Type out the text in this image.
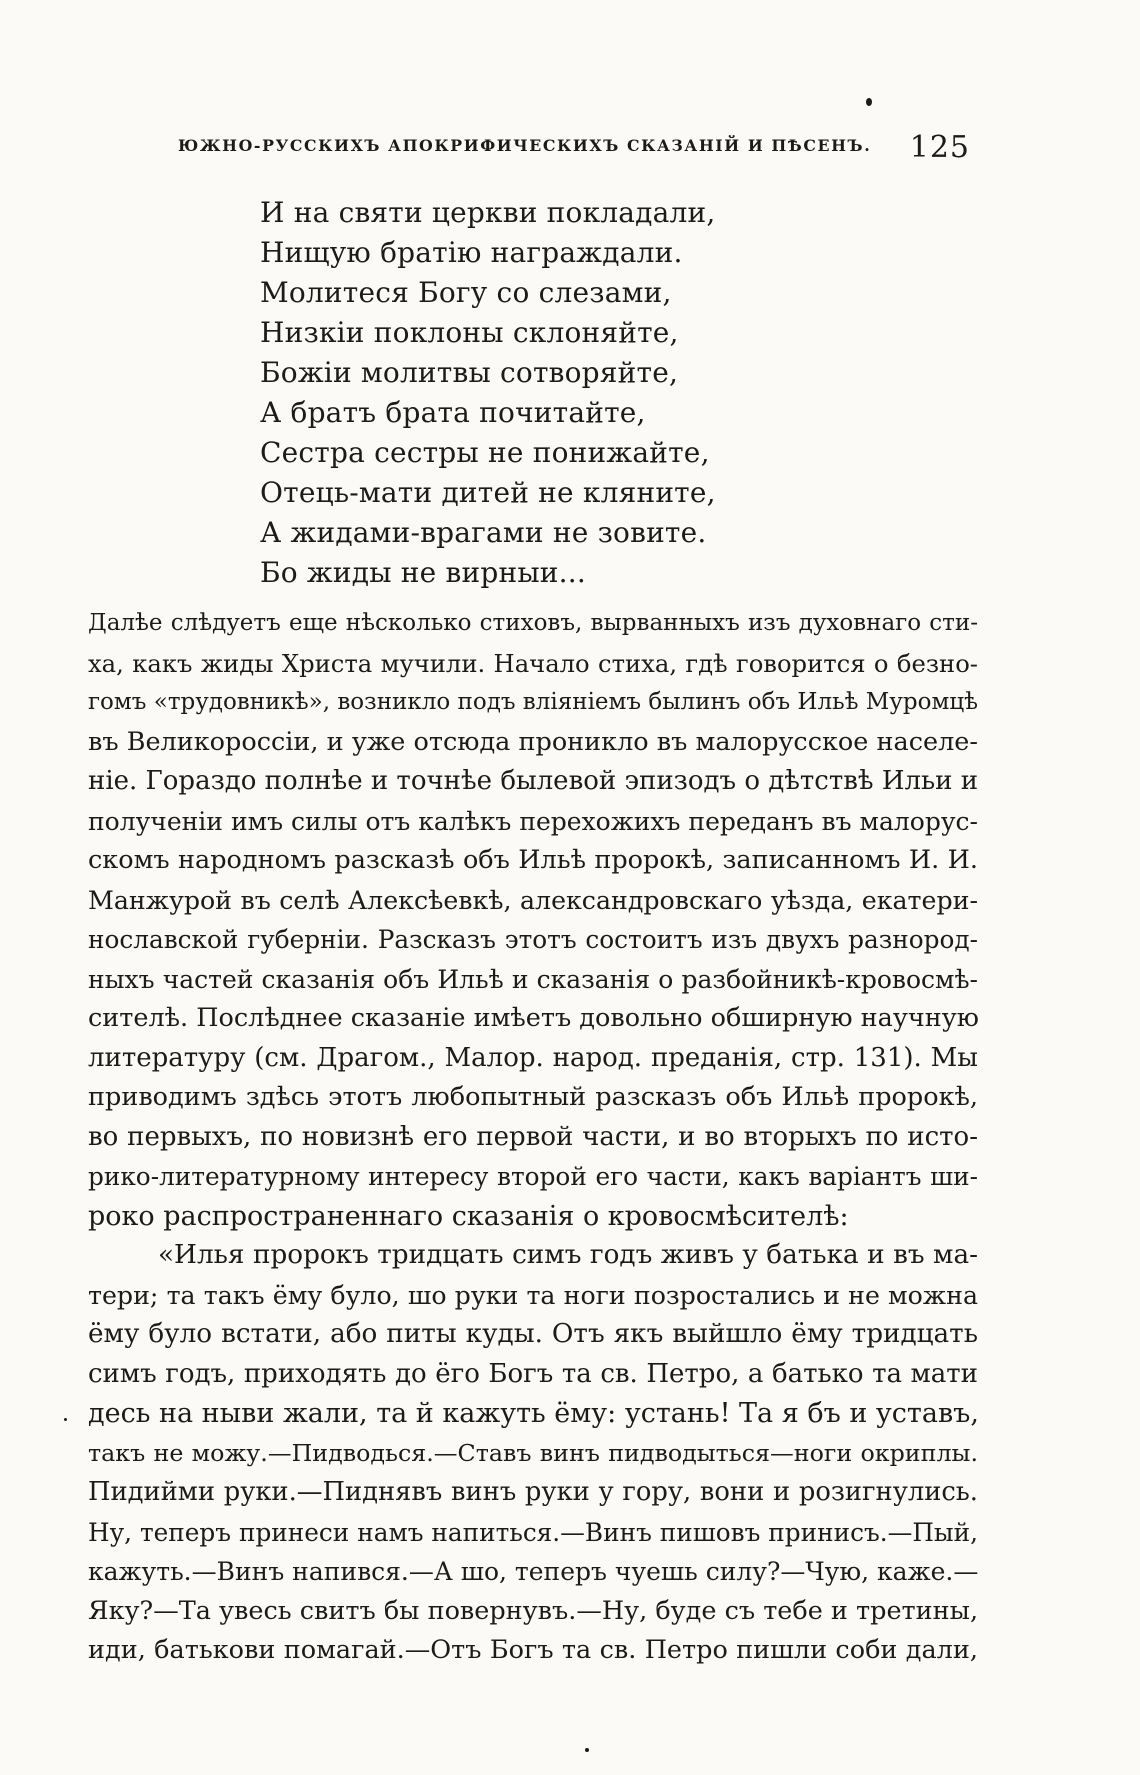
ЮЖНО-РУССКИХЪ АПОКРИФИЧЕСКИХЪ СКАЗАНІЙ И ПѢСЕНЪ. 125
И на святи церкви покладали,
Нищую братію награждали.
Молитеся Богу со слезами,
Низкіи поклоны склоняйте,
Божіи молитвы сотворяйте,
А братъ брата почитайте,
Сестра сестры не понижайте,
Отець-мати дитей не кляните,
А жидами-врагами не зовите.
Бо жиды не вирныи...
Далѣе слѣдуетъ еще нѣсколько стиховъ, вырванныхъ изъ духовнаго сти-
ха, какъ жиды Христа мучили. Начало стиха, гдѣ говорится о безно-
гомъ «трудовникѣ», возникло подъ вліяніемъ былинъ объ Ильѣ Муромцѣ
въ Великороссіи, и уже отсюда проникло въ малорусское населе-
ніе. Гораздо полнѣе и точнѣе былевой эпизодъ о дѣтствѣ Ильи и
полученіи имъ силы отъ калѣкъ перехожихъ переданъ въ малорус-
скомъ народномъ разсказѣ объ Ильѣ пророкѣ, записанномъ И. И.
Манжурой въ селѣ Алексѣевкѣ, александровскаго уѣзда, екатери-
нославской губерніи. Разсказъ этотъ состоитъ изъ двухъ разнород-
ныхъ частей сказанія объ Ильѣ и сказанія о разбойникѣ-кровосмѣ-
сителѣ. Послѣднее сказаніе имѣетъ довольно обширную научную
литературу (см. Драгом., Малор. народ. преданія, стр. 131). Мы
приводимъ здѣсь этотъ любопытный разсказъ объ Ильѣ пророкѣ,
во первыхъ, по новизнѣ его первой части, и во вторыхъ по исто-
рико-литературному интересу второй его части, какъ варіантъ ши-
роко распространеннаго сказанія о кровосмѣсителѣ:
«Илья пророкъ тридцать симъ годъ живъ у батька и въ ма-
тери; та такъ ёму було, шо руки та ноги позросталиcь и не можна
ёму було встати, або питы куды. Отъ якъ выйшло ёму тридцать
симъ годъ, приходять до ёго Богъ та св. Петро, а батько та мати
десь на ныви жали, та й кажуть ёму: устань! Та я бъ и уставъ,
такъ не можу.—Пидводься.—Ставъ винъ пидводыться—ноги окриплы.
Пидийми руки.—Пиднявъ винъ руки у гору, вони и розигнулись.
Ну, теперъ принеси намъ напиться.—Винъ пишовъ принисъ.—Пый,
кажуть.—Винъ напився.—А шо, теперъ чуешь силу?—Чую, каже.—
Яку?—Та увесь свитъ бы повернувъ.—Ну, буде съ тебе и третины,
иди, батькови помагай.—Отъ Богъ та св. Петро пишли соби дали,
